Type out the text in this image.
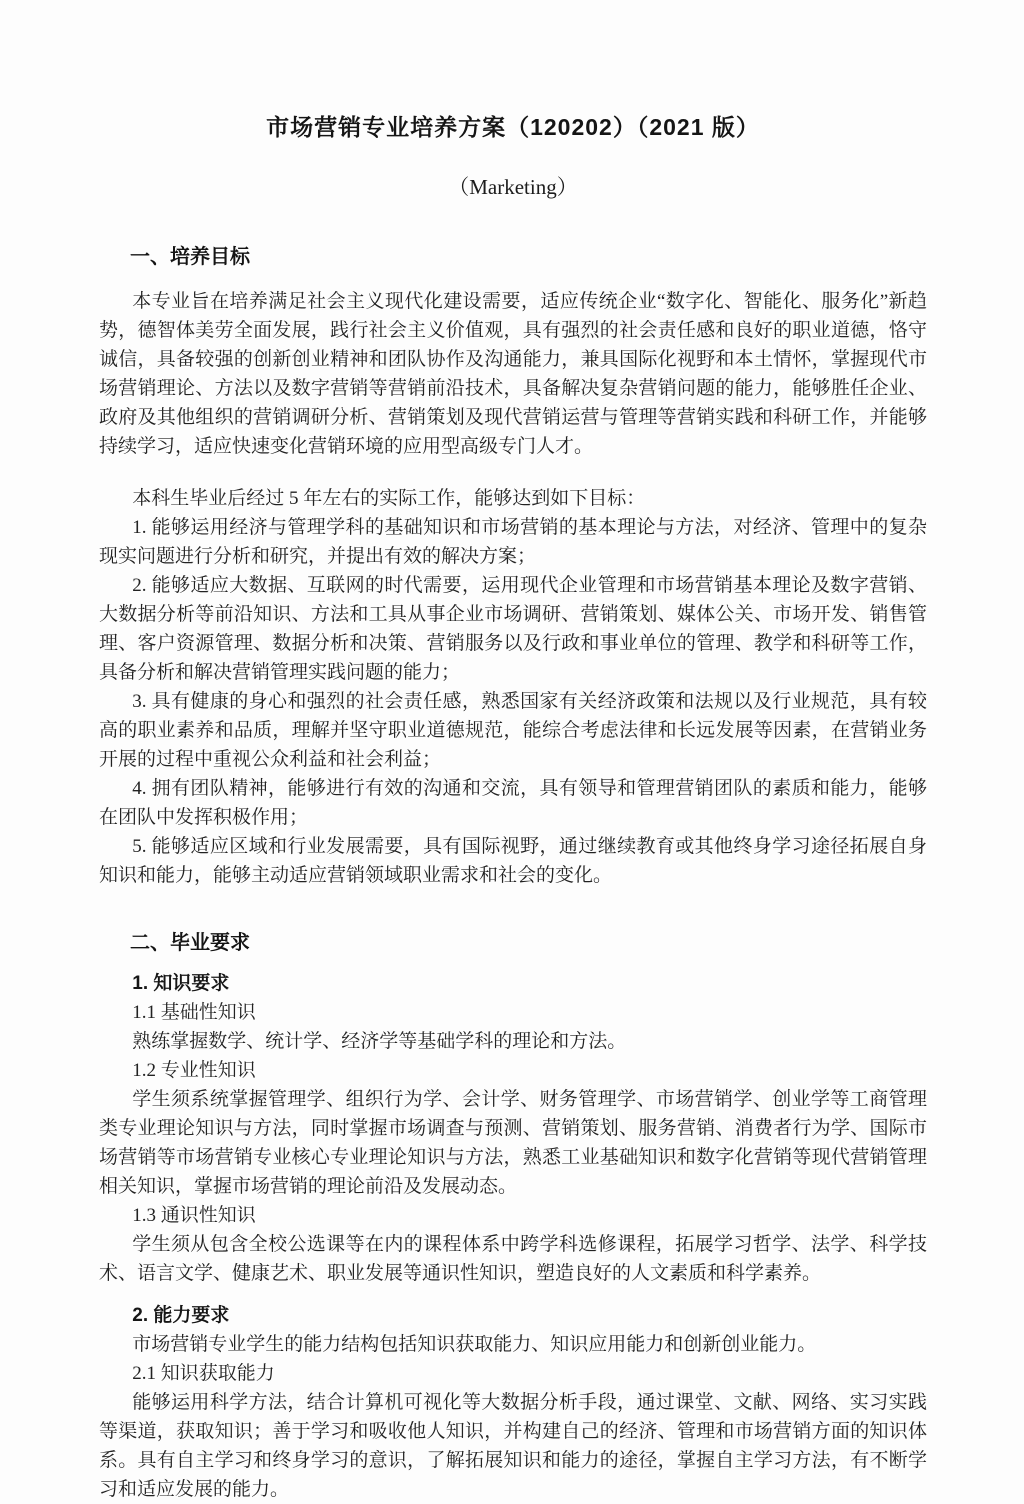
市场营销专业培养方案（120202）（2021 版）
（Marketing）
一、培养目标

本专业旨在培养满足社会主义现代化建设需要，适应传统企业“数字化、智能化、服务化”新趋势，德智体美劳全面发展，践行社会主义价值观，具有强烈的社会责任感和良好的职业道德，恪守诚信，具备较强的创新创业精神和团队协作及沟通能力，兼具国际化视野和本土情怀，掌握现代市场营销理论、方法以及数字营销等营销前沿技术，具备解决复杂营销问题的能力，能够胜任企业、政府及其他组织的营销调研分析、营销策划及现代营销运营与管理等营销实践和科研工作，并能够持续学习，适应快速变化营销环境的应用型高级专门人才。

本科生毕业后经过 5 年左右的实际工作，能够达到如下目标：

1. 能够运用经济与管理学科的基础知识和市场营销的基本理论与方法，对经济、管理中的复杂现实问题进行分析和研究，并提出有效的解决方案；

2. 能够适应大数据、互联网的时代需要，运用现代企业管理和市场营销基本理论及数字营销、大数据分析等前沿知识、方法和工具从事企业市场调研、营销策划、媒体公关、市场开发、销售管理、客户资源管理、数据分析和决策、营销服务以及行政和事业单位的管理、教学和科研等工作，具备分析和解决营销管理实践问题的能力；

3. 具有健康的身心和强烈的社会责任感，熟悉国家有关经济政策和法规以及行业规范，具有较高的职业素养和品质，理解并坚守职业道德规范，能综合考虑法律和长远发展等因素，在营销业务开展的过程中重视公众利益和社会利益；

4. 拥有团队精神，能够进行有效的沟通和交流，具有领导和管理营销团队的素质和能力，能够在团队中发挥积极作用；

5. 能够适应区域和行业发展需要，具有国际视野，通过继续教育或其他终身学习途径拓展自身知识和能力，能够主动适应营销领域职业需求和社会的变化。

二、毕业要求
1. 知识要求

1.1 基础性知识

熟练掌握数学、统计学、经济学等基础学科的理论和方法。

1.2 专业性知识

学生须系统掌握管理学、组织行为学、会计学、财务管理学、市场营销学、创业学等工商管理类专业理论知识与方法，同时掌握市场调查与预测、营销策划、服务营销、消费者行为学、国际市场营销等市场营销专业核心专业理论知识与方法，熟悉工业基础知识和数字化营销等现代营销管理相关知识，掌握市场营销的理论前沿及发展动态。

1.3 通识性知识

学生须从包含全校公选课等在内的课程体系中跨学科选修课程，拓展学习哲学、法学、科学技术、语言文学、健康艺术、职业发展等通识性知识，塑造良好的人文素质和科学素养。

2. 能力要求

市场营销专业学生的能力结构包括知识获取能力、知识应用能力和创新创业能力。

2.1 知识获取能力

能够运用科学方法，结合计算机可视化等大数据分析手段，通过课堂、文献、网络、实习实践等渠道，获取知识；善于学习和吸收他人知识，并构建自己的经济、管理和市场营销方面的知识体系。具有自主学习和终身学习的意识，了解拓展知识和能力的途径，掌握自主学习方法，有不断学习和适应发展的能力。
